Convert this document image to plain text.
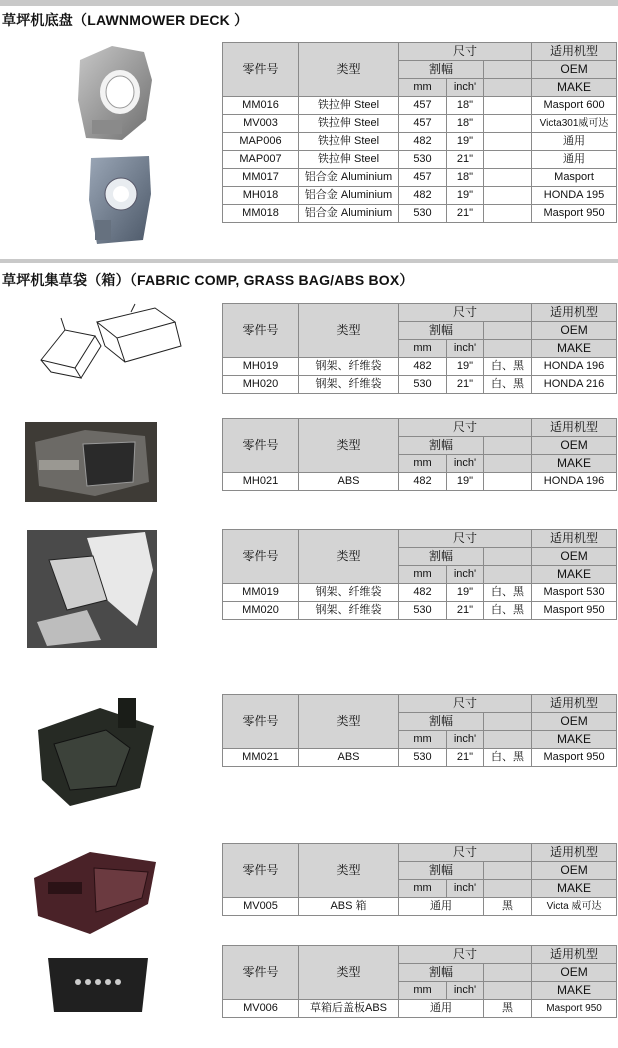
草坪机底盘（LAWNMOWER DECK ）
零件号	类型	尺寸			适用机型
		割幅			OEM
		mm	inch'		MAKE
MM016	铁拉伸 Steel	457	18"		Masport 600
MV003	铁拉伸 Steel	457	18"		Victa301威可达
MAP006	铁拉伸 Steel	482	19"		通用
MAP007	铁拉伸 Steel	530	21"		通用
MM017	铝合金 Aluminium	457	18"		Masport
MH018	铝合金 Aluminium	482	19"		HONDA 195
MM018	铝合金 Aluminium	530	21"		Masport 950
草坪机集草袋（箱）（FABRIC COMP, GRASS BAG/ABS BOX）
零件号	类型	尺寸			适用机型
		割幅			OEM
		mm	inch'		MAKE
MH019	钢架、纤维袋	482	19"	白、黑	HONDA 196
MH020	钢架、纤维袋	530	21"	白、黑	HONDA 216
零件号	类型	尺寸			适用机型
		割幅			OEM
		mm	inch'		MAKE
MH021	ABS	482	19"		HONDA 196
零件号	类型	尺寸			适用机型
		割幅			OEM
		mm	inch'		MAKE
MM019	钢架、纤维袋	482	19"	白、黑	Masport 530
MM020	钢架、纤维袋	530	21"	白、黑	Masport 950
零件号	类型	尺寸			适用机型
		割幅			OEM
		mm	inch'		MAKE
MM021	ABS	530	21"	白、黑	Masport 950
零件号	类型	尺寸			适用机型
		割幅			OEM
		mm	inch'		MAKE
MV005	ABS 箱	通用		黑	Victa 威可达
零件号	类型	尺寸			适用机型
		割幅			OEM
		mm	inch'		MAKE
MV006	草箱后盖板ABS	通用		黑	Masport 950
